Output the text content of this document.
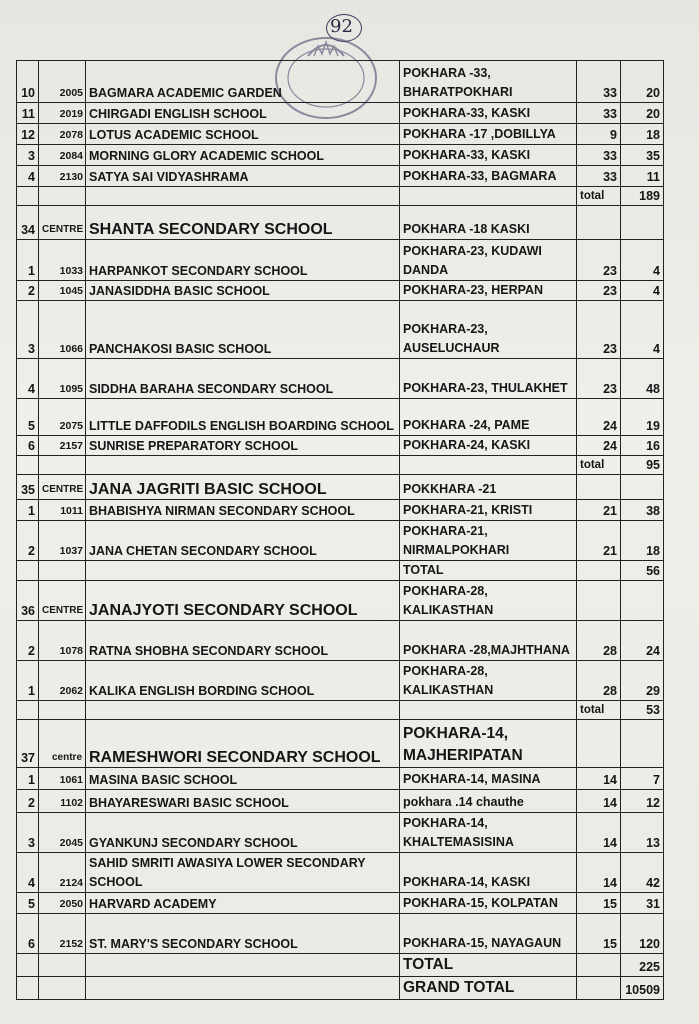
92
10	2005	BAGMARA ACADEMIC GARDEN	POKHARA -33, BHARATPOKHARI	33	20
11	2019	CHIRGADI ENGLISH SCHOOL	POKHARA-33, KASKI	33	20
12	2078	LOTUS ACADEMIC SCHOOL	POKHARA -17 ,DOBILLYA	9	18
3	2084	MORNING GLORY ACADEMIC SCHOOL	POKHARA-33, KASKI	33	35
4	2130	SATYA SAI VIDYASHRAMA	POKHARA-33, BAGMARA	33	11
				total	189
34	CENTRE	SHANTA SECONDARY SCHOOL	POKHARA -18 KASKI		
1	1033	HARPANKOT SECONDARY SCHOOL	POKHARA-23, KUDAWI DANDA	23	4
2	1045	JANASIDDHA BASIC SCHOOL	POKHARA-23, HERPAN	23	4
3	1066	PANCHAKOSI BASIC SCHOOL	POKHARA-23, AUSELUCHAUR	23	4
4	1095	SIDDHA BARAHA SECONDARY SCHOOL	POKHARA-23, THULAKHET	23	48
5	2075	LITTLE DAFFODILS ENGLISH BOARDING SCHOOL	POKHARA -24, PAME	24	19
6	2157	SUNRISE PREPARATORY SCHOOL	POKHARA-24, KASKI	24	16
				total	95
35	CENTRE	JANA JAGRITI BASIC SCHOOL	POKKHARA -21		
1	1011	BHABISHYA NIRMAN SECONDARY SCHOOL	POKHARA-21, KRISTI	21	38
2	1037	JANA CHETAN SECONDARY SCHOOL	POKHARA-21, NIRMALPOKHARI	21	18
			TOTAL		56
36	CENTRE	JANAJYOTI SECONDARY SCHOOL	POKHARA-28, KALIKASTHAN		
2	1078	RATNA SHOBHA SECONDARY SCHOOL	POKHARA -28,MAJHTHANA	28	24
1	2062	KALIKA ENGLISH BORDING SCHOOL	POKHARA-28, KALIKASTHAN	28	29
				total	53
37	centre	RAMESHWORI SECONDARY SCHOOL	POKHARA-14, MAJHERIPATAN		
1	1061	MASINA BASIC SCHOOL	POKHARA-14, MASINA	14	7
2	1102	BHAYARESWARI BASIC SCHOOL	pokhara .14 chauthe	14	12
3	2045	GYANKUNJ SECONDARY SCHOOL	POKHARA-14, KHALTEMASISINA	14	13
4	2124	SAHID SMRITI AWASIYA LOWER SECONDARY SCHOOL	POKHARA-14, KASKI	14	42
5	2050	HARVARD ACADEMY	POKHARA-15, KOLPATAN	15	31
6	2152	ST. MARY'S SECONDARY SCHOOL	POKHARA-15, NAYAGAUN	15	120
			TOTAL		225
			GRAND TOTAL		10509
